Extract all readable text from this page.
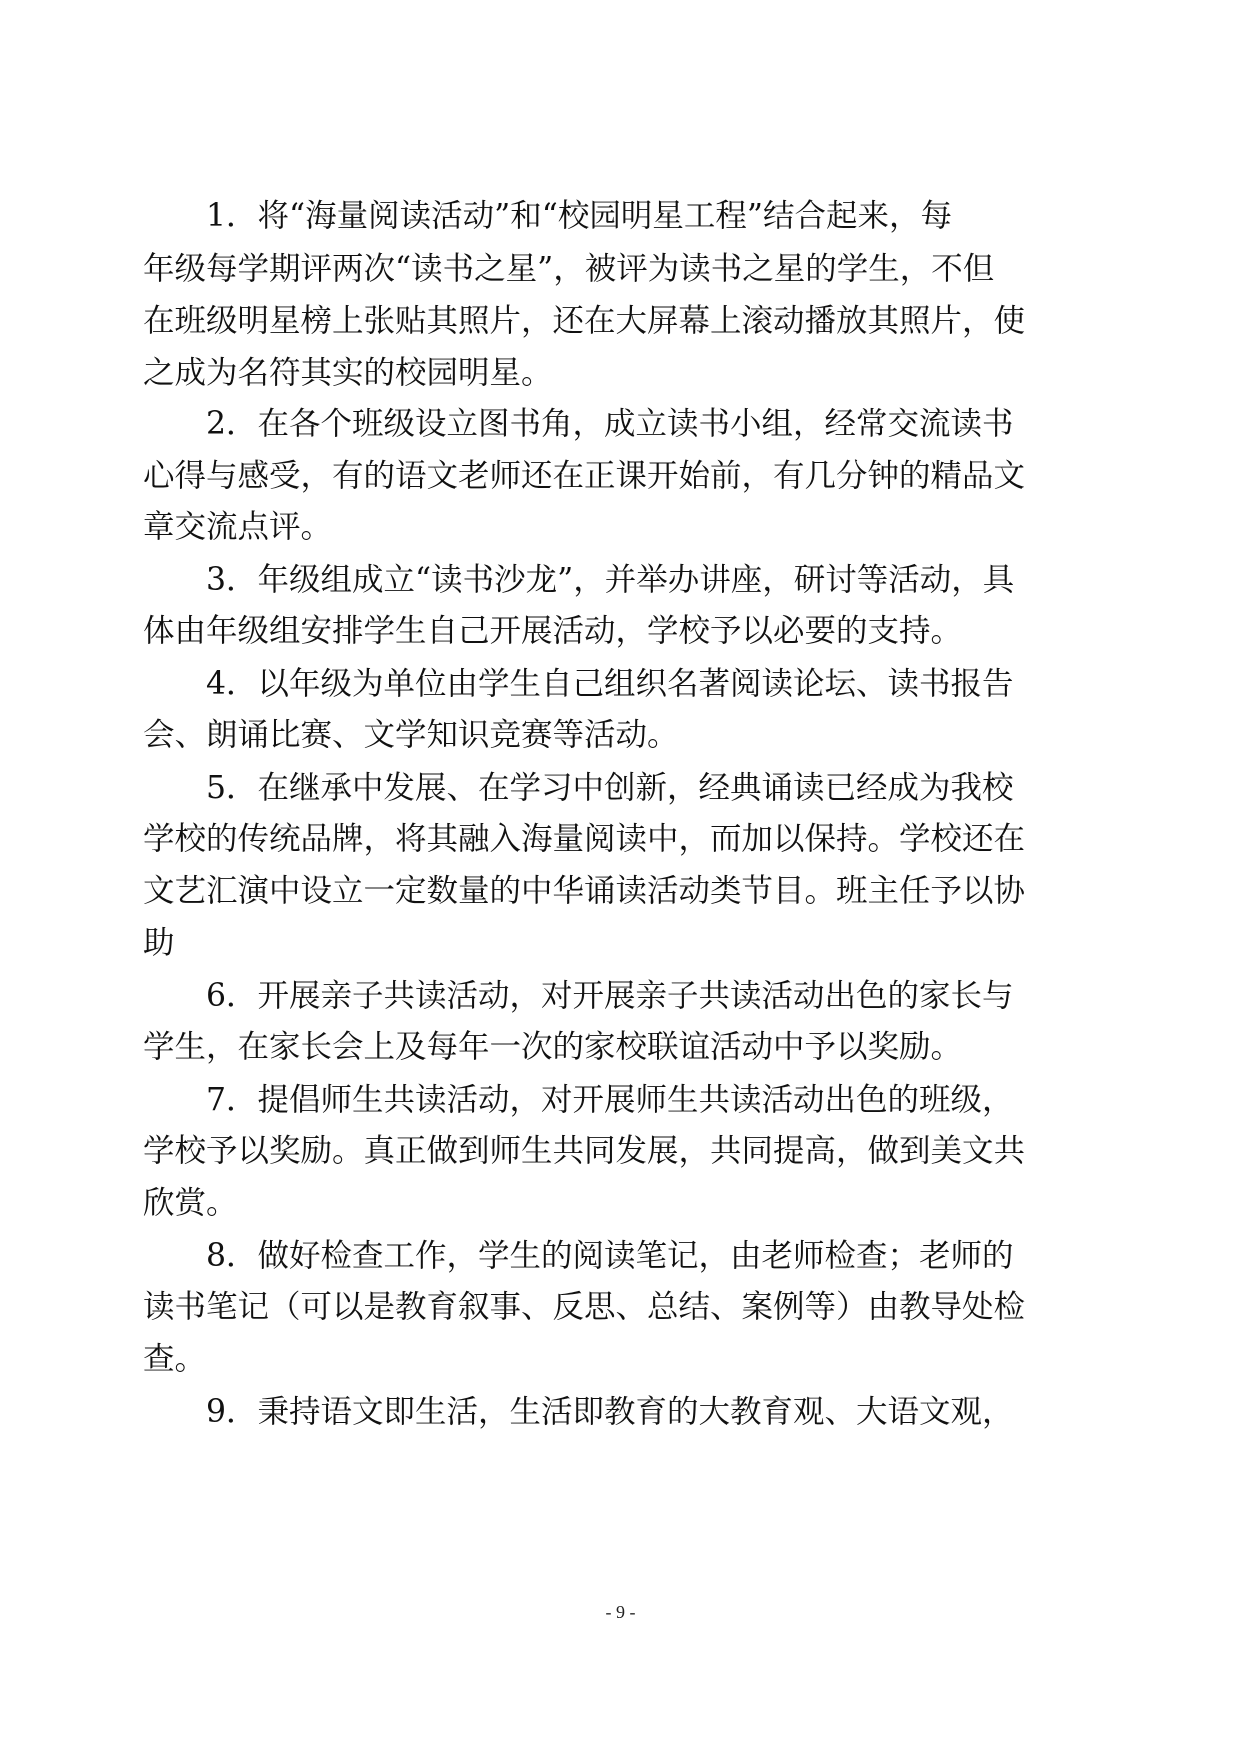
1．将“海量阅读活动”和“校园明星工程”结合起来，每
年级每学期评两次“读书之星”，被评为读书之星的学生，不但
在班级明星榜上张贴其照片，还在大屏幕上滚动播放其照片，使
之成为名符其实的校园明星。
2．在各个班级设立图书角，成立读书小组，经常交流读书
心得与感受，有的语文老师还在正课开始前，有几分钟的精品文
章交流点评。
3．年级组成立“读书沙龙”，并举办讲座，研讨等活动，具
体由年级组安排学生自己开展活动，学校予以必要的支持。
4．以年级为单位由学生自己组织名著阅读论坛、读书报告
会、朗诵比赛、文学知识竞赛等活动。
5．在继承中发展、在学习中创新，经典诵读已经成为我校
学校的传统品牌，将其融入海量阅读中，而加以保持。学校还在
文艺汇演中设立一定数量的中华诵读活动类节目。班主任予以协
助
6．开展亲子共读活动，对开展亲子共读活动出色的家长与
学生，在家长会上及每年一次的家校联谊活动中予以奖励。
7．提倡师生共读活动，对开展师生共读活动出色的班级，
学校予以奖励。真正做到师生共同发展，共同提高，做到美文共
欣赏。
8．做好检查工作，学生的阅读笔记，由老师检查；老师的
读书笔记（可以是教育叙事、反思、总结、案例等）由教导处检
查。
9．秉持语文即生活，生活即教育的大教育观、大语文观，
- 9 -
